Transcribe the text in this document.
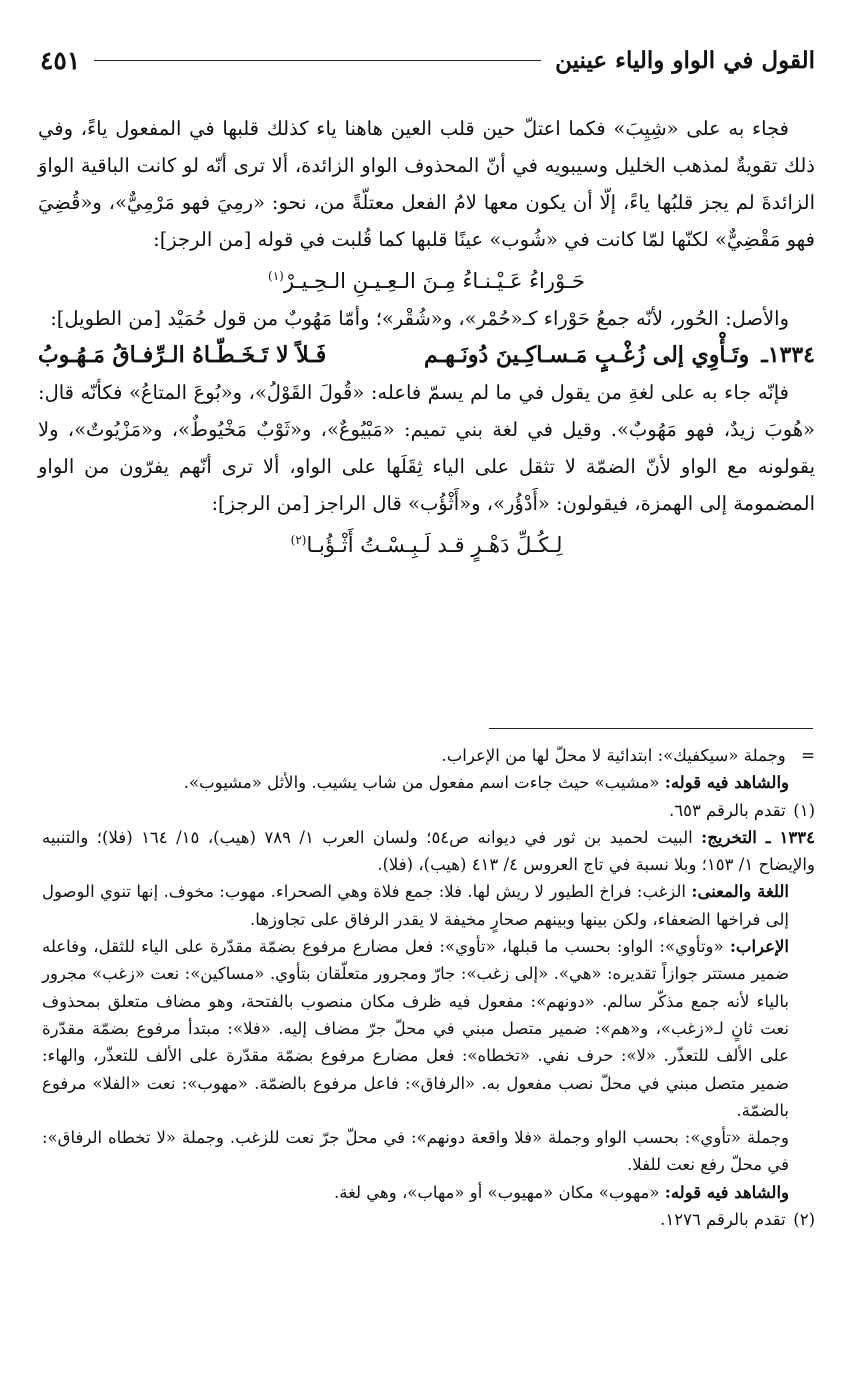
القول في الواو والياء عينين
٤٥١

فجاء به على «شِيِبَ» فكما اعتلّ حين قلب العين هاهنا ياء كذلك قلبها في المفعول ياءً، وفي ذلك تقويةٌ لمذهب الخليل وسيبويه في أنّ المحذوف الواو الزائدة، ألا ترى أنّه لو كانت الباقية الواوَ الزائدةَ لم يجز قلبُها ياءً، إلّا أن يكون معها لامُ الفعل معتلّةً من، نحو: «رمِيَ فهو مَرْمِيٌّ»، و«قُضِيَ فهو مَقْضِيٌّ» لكنّها لمّا كانت في «شُوب» عينًا قلبها كما قُلبت في قوله [من الرجز]:

حَـوْراءُ عَـيْـنـاءُ مِـنَ الـعِـيـنِ الـحِـيـرْ$^{(١)}$

والأصل: الحُور، لأنّه جمعُ حَوْراء كـ«حُمْر»، و«شُقْر»؛ وأمّا مَهُوبٌ من قول حُمَيْد [من الطويل]:

١٣٣٤ـ
وتَـأْوِي إلى زُغْـبٍ مَـسـاكِـينَ دُونَـهـم
فَـلاً لا تَـخَـطّـاهُ الـرِّفـاقُ مَـهُـوبُ

فإنّه جاء به على لغةِ من يقول في ما لم يسمّ فاعله: «قُولَ القَوْلُ»، و«بُوعَ المتاعُ» فكأنّه قال: «هُوبَ زيدٌ، فهو مَهُوبٌ». وقيل في لغة بني تميم: «مَبْيُوعٌ»، و«ثَوْبٌ مَخْيُوطٌ»، و«مَزْيُوتٌ»، ولا يقولونه مع الواو لأنّ الضمّة لا تثقل على الياء ثِقَلَها على الواو، ألا ترى أنّهم يفرّون من الواو المضمومة إلى الهمزة، فيقولون: «أَدْؤُر»، و«أَثْؤُب» قال الراجز [من الرجز]:

لِـكُـلِّ دَهْـرٍ قـد لَـبِـسْـتُ أَثْـؤُبـا$^{(٢)}$

= وجملة «سيكفيك»: ابتدائية لا محلّ لها من الإعراب.

والشاهد فيه قوله: «مشيب» حيث جاءت اسم مفعول من شاب يشيب. والأثل «مشيوب».

(١) تقدم بالرقم ٦٥٣.

١٣٣٤ ـ التخريج: البيت لحميد بن ثور في ديوانه ص٥٤؛ ولسان العرب ١/ ٧٨٩ (هيب)، ١٥/ ١٦٤ (فلا)؛ والتنبيه والإيضاح ١/ ١٥٣؛ وبلا نسبة في تاج العروس ٤/ ٤١٣ (هيب)، (فلا).

اللغة والمعنى: الزغب: فراخ الطيور لا ريش لها. فلا: جمع فلاة وهي الصحراء. مهوب: مخوف. إنها تنوي الوصول إلى فراخها الضعفاء، ولكن بينها وبينهم صحارٍ مخيفة لا يقدر الرفاق على تجاوزها.

الإعراب: «وتأوي»: الواو: بحسب ما قبلها، «تأوي»: فعل مضارع مرفوع بضمّة مقدّرة على الياء للثقل، وفاعله ضمير مستتر جوازاً تقديره: «هي». «إلى زغب»: جارّ ومجرور متعلّقان بتأوي. «مساكين»: نعت «زغب» مجرور بالياء لأنه جمع مذكّر سالم. «دونهم»: مفعول فيه ظرف مكان منصوب بالفتحة، وهو مضاف متعلق بمحذوف نعت ثانٍ لـ«زغب»، و«هم»: ضمير متصل مبني في محلّ جرّ مضاف إليه. «فلا»: مبتدأ مرفوع بضمّة مقدّرة على الألف للتعذّر. «لا»: حرف نفي. «تخطاه»: فعل مضارع مرفوع بضمّة مقدّرة على الألف للتعذّر، والهاء: ضمير متصل مبني في محلّ نصب مفعول به. «الرفاق»: فاعل مرفوع بالضمّة. «مهوب»: نعت «الفلا» مرفوع بالضمّة.

وجملة «تأوي»: بحسب الواو وجملة «فلا واقعة دونهم»: في محلّ جرّ نعت للزغب. وجملة «لا تخطاه الرفاق»: في محلّ رفع نعت للفلا.

والشاهد فيه قوله: «مهوب» مكان «مهيوب» أو «مهاب»، وهي لغة.

(٢) تقدم بالرقم ١٢٧٦.
